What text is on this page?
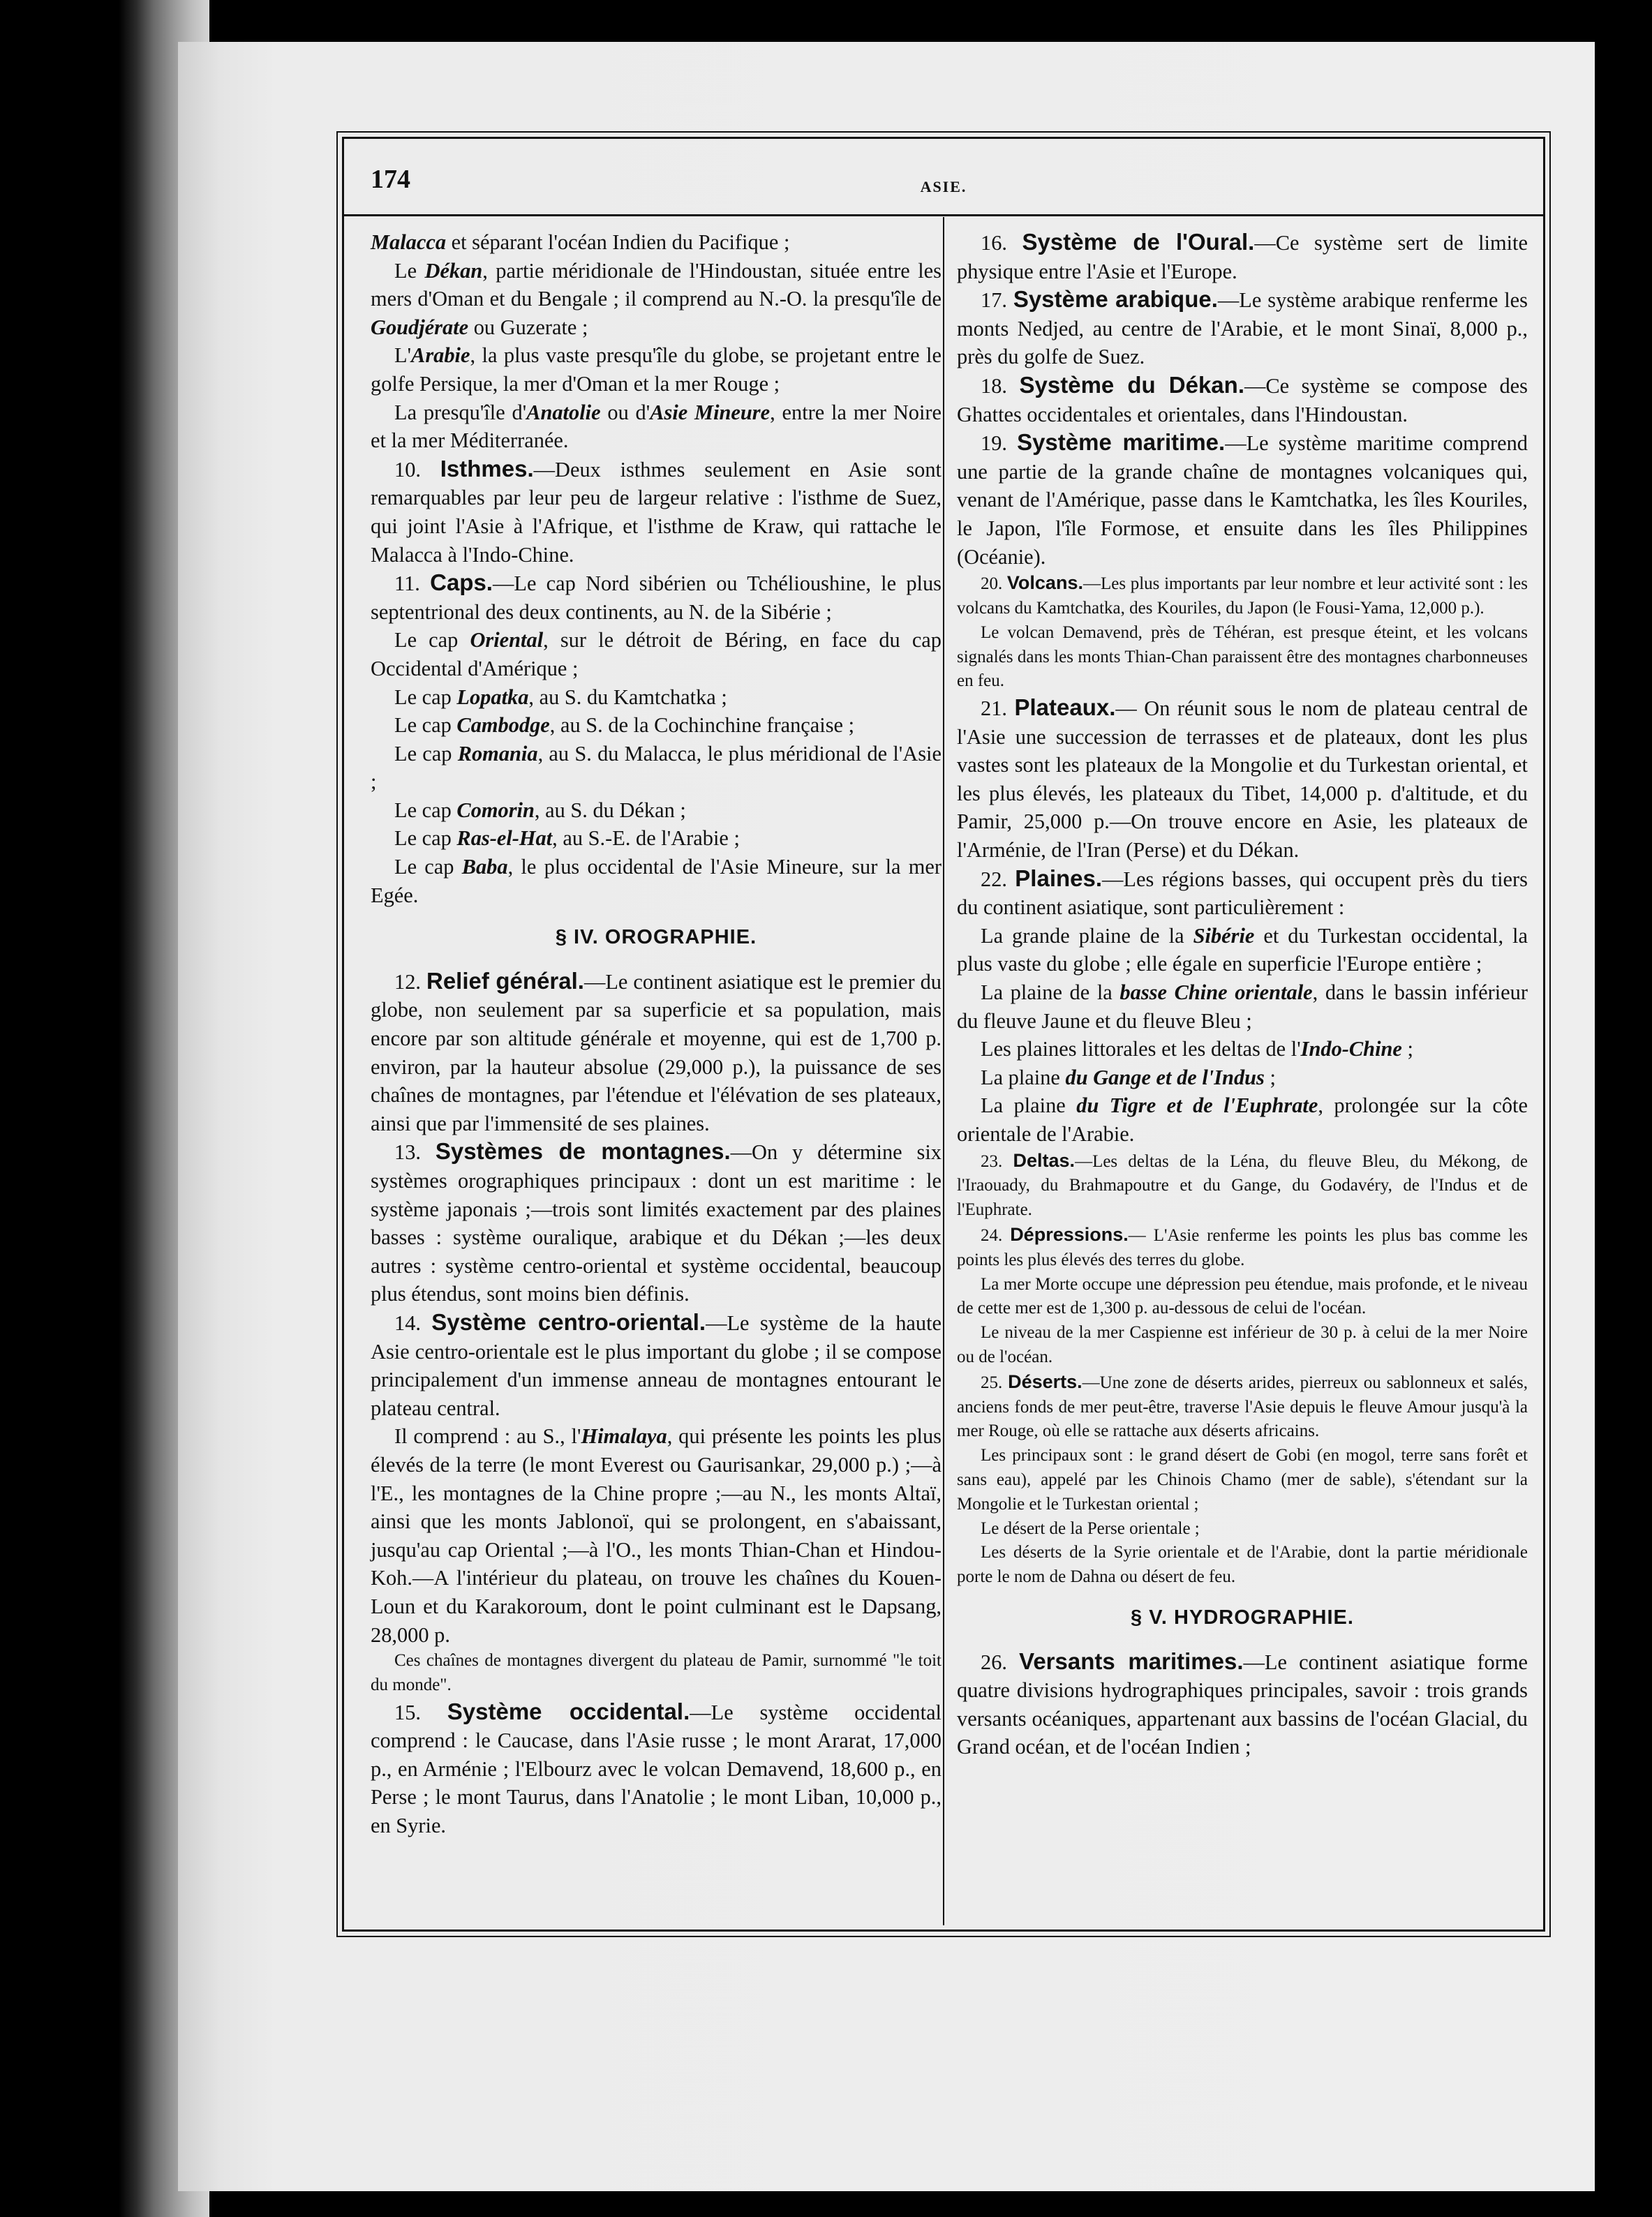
174	ASIE.

Malacca et séparant l'océan Indien du Pacifique ;

Le Dékan, partie méridionale de l'Hindoustan, située entre les mers d'Oman et du Bengale ; il comprend au N.-O. la presqu'île de Goudjérate ou Guzerate ;

L'Arabie, la plus vaste presqu'île du globe, se projetant entre le golfe Persique, la mer d'Oman et la mer Rouge ;

La presqu'île d'Anatolie ou d'Asie Mineure, entre la mer Noire et la mer Méditerranée.

10. Isthmes.—Deux isthmes seulement en Asie sont remarquables par leur peu de largeur relative : l'isthme de Suez, qui joint l'Asie à l'Afrique, et l'isthme de Kraw, qui rattache le Malacca à l'Indo-Chine.

11. Caps.—Le cap Nord sibérien ou Tchélioushine, le plus septentrional des deux continents, au N. de la Sibérie ;

Le cap Oriental, sur le détroit de Béring, en face du cap Occidental d'Amérique ;

Le cap Lopatka, au S. du Kamtchatka ;

Le cap Cambodge, au S. de la Cochinchine française ;

Le cap Romania, au S. du Malacca, le plus méridional de l'Asie ;

Le cap Comorin, au S. du Dékan ;

Le cap Ras-el-Hat, au S.-E. de l'Arabie ;

Le cap Baba, le plus occidental de l'Asie Mineure, sur la mer Egée.

§ IV. OROGRAPHIE.

12. Relief général.—Le continent asiatique est le premier du globe, non seulement par sa superficie et sa population, mais encore par son altitude générale et moyenne, qui est de 1,700 p. environ, par la hauteur absolue (29,000 p.), la puissance de ses chaînes de montagnes, par l'étendue et l'élévation de ses plateaux, ainsi que par l'immensité de ses plaines.

13. Systèmes de montagnes.—On y détermine six systèmes orographiques principaux : dont un est maritime : le système japonais ;—trois sont limités exactement par des plaines basses : système ouralique, arabique et du Dékan ;—les deux autres : système centro-oriental et système occidental, beaucoup plus étendus, sont moins bien définis.

14. Système centro-oriental.—Le système de la haute Asie centro-orientale est le plus important du globe ; il se compose principalement d'un immense anneau de montagnes entourant le plateau central.

Il comprend : au S., l'Himalaya, qui présente les points les plus élevés de la terre (le mont Everest ou Gaurisankar, 29,000 p.) ;—à l'E., les montagnes de la Chine propre ;—au N., les monts Altaï, ainsi que les monts Jablonoï, qui se prolongent, en s'abaissant, jusqu'au cap Oriental ;—à l'O., les monts Thian-Chan et Hindou-Koh.—A l'intérieur du plateau, on trouve les chaînes du Kouen-Loun et du Karakoroum, dont le point culminant est le Dapsang, 28,000 p.

Ces chaînes de montagnes divergent du plateau de Pamir, surnommé "le toit du monde".

15. Système occidental.—Le système occidental comprend : le Caucase, dans l'Asie russe ; le mont Ararat, 17,000 p., en Arménie ; l'Elbourz avec le volcan Demavend, 18,600 p., en Perse ; le mont Taurus, dans l'Anatolie ; le mont Liban, 10,000 p., en Syrie.

16. Système de l'Oural.—Ce système sert de limite physique entre l'Asie et l'Europe.

17. Système arabique.—Le système arabique renferme les monts Nedjed, au centre de l'Arabie, et le mont Sinaï, 8,000 p., près du golfe de Suez.

18. Système du Dékan.—Ce système se compose des Ghattes occidentales et orientales, dans l'Hindoustan.

19. Système maritime.—Le système maritime comprend une partie de la grande chaîne de montagnes volcaniques qui, venant de l'Amérique, passe dans le Kamtchatka, les îles Kouriles, le Japon, l'île Formose, et ensuite dans les îles Philippines (Océanie).

20. Volcans.—Les plus importants par leur nombre et leur activité sont : les volcans du Kamtchatka, des Kouriles, du Japon (le Fousi-Yama, 12,000 p.).

Le volcan Demavend, près de Téhéran, est presque éteint, et les volcans signalés dans les monts Thian-Chan paraissent être des montagnes charbonneuses en feu.

21. Plateaux.— On réunit sous le nom de plateau central de l'Asie une succession de terrasses et de plateaux, dont les plus vastes sont les plateaux de la Mongolie et du Turkestan oriental, et les plus élevés, les plateaux du Tibet, 14,000 p. d'altitude, et du Pamir, 25,000 p.—On trouve encore en Asie, les plateaux de l'Arménie, de l'Iran (Perse) et du Dékan.

22. Plaines.—Les régions basses, qui occupent près du tiers du continent asiatique, sont particulièrement :

La grande plaine de la Sibérie et du Turkestan occidental, la plus vaste du globe ; elle égale en superficie l'Europe entière ;

La plaine de la basse Chine orientale, dans le bassin inférieur du fleuve Jaune et du fleuve Bleu ;

Les plaines littorales et les deltas de l'Indo-Chine ;

La plaine du Gange et de l'Indus ;

La plaine du Tigre et de l'Euphrate, prolongée sur la côte orientale de l'Arabie.

23. Deltas.—Les deltas de la Léna, du fleuve Bleu, du Mékong, de l'Iraouady, du Brahmapoutre et du Gange, du Godavéry, de l'Indus et de l'Euphrate.

24. Dépressions.— L'Asie renferme les points les plus bas comme les points les plus élevés des terres du globe.

La mer Morte occupe une dépression peu étendue, mais profonde, et le niveau de cette mer est de 1,300 p. au-dessous de celui de l'océan.

Le niveau de la mer Caspienne est inférieur de 30 p. à celui de la mer Noire ou de l'océan.

25. Déserts.—Une zone de déserts arides, pierreux ou sablonneux et salés, anciens fonds de mer peut-être, traverse l'Asie depuis le fleuve Amour jusqu'à la mer Rouge, où elle se rattache aux déserts africains.

Les principaux sont : le grand désert de Gobi (en mogol, terre sans forêt et sans eau), appelé par les Chinois Chamo (mer de sable), s'étendant sur la Mongolie et le Turkestan oriental ;

Le désert de la Perse orientale ;

Les déserts de la Syrie orientale et de l'Arabie, dont la partie méridionale porte le nom de Dahna ou désert de feu.

§ V. HYDROGRAPHIE.

26. Versants maritimes.—Le continent asiatique forme quatre divisions hydrographiques principales, savoir : trois grands versants océaniques, appartenant aux bassins de l'océan Glacial, du Grand océan, et de l'océan Indien ;
